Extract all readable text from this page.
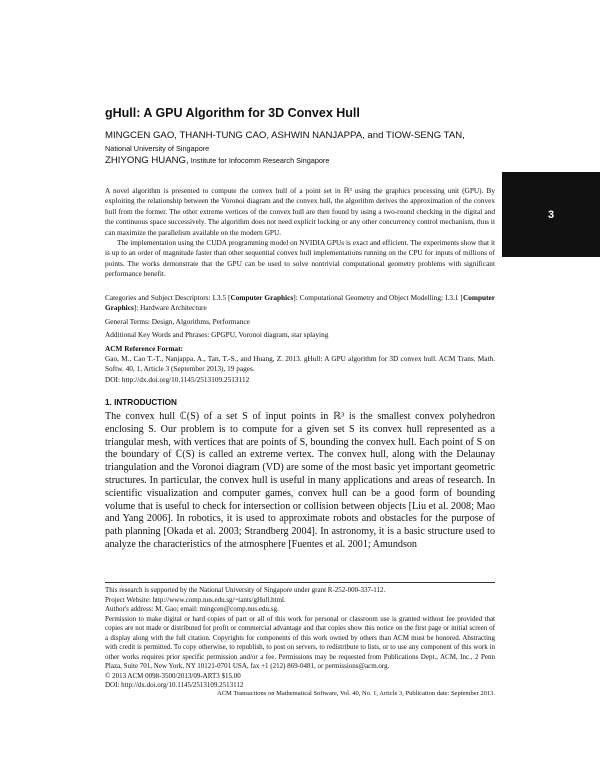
3
gHull: A GPU Algorithm for 3D Convex Hull
MINGCEN GAO, THANH-TUNG CAO, ASHWIN NANJAPPA, and TIOW-SENG TAN,
National University of Singapore
ZHIYONG HUANG, Institute for Infocomm Research Singapore

A novel algorithm is presented to compute the convex hull of a point set in ℝ³ using the graphics processing unit (GPU). By exploiting the relationship between the Voronoi diagram and the convex hull, the algorithm derives the approximation of the convex hull from the former. The other extreme vertices of the convex hull are then found by using a two-round checking in the digital and the continuous space successively. The algorithm does not need explicit locking or any other concurrency control mechanism, thus it can maximize the parallelism available on the modern GPU.

The implementation using the CUDA programming model on NVIDIA GPUs is exact and efficient. The experiments show that it is up to an order of magnitude faster than other sequential convex hull implementations running on the CPU for inputs of millions of points. The works demonstrate that the GPU can be used to solve nontrivial computational geometry problems with significant performance benefit.

Categories and Subject Descriptors: I.3.5 [Computer Graphics]: Computational Geometry and Object Modelling; I.3.1 [Computer Graphics]: Hardware Architecture

General Terms: Design, Algorithms, Performance

Additional Key Words and Phrases: GPGPU, Voronoi diagram, star splaying

ACM Reference Format:

Gao, M., Cao T.-T., Nanjappa, A., Tan, T.-S., and Huang, Z. 2013. gHull: A GPU algorithm for 3D convex hull. ACM Trans. Math. Softw. 40, 1, Article 3 (September 2013), 19 pages.

DOI: http://dx.doi.org/10.1145/2513109.2513112

1. INTRODUCTION

The convex hull ℂ(S) of a set S of input points in ℝ³ is the smallest convex polyhedron enclosing S. Our problem is to compute for a given set S its convex hull represented as a triangular mesh, with vertices that are points of S, bounding the convex hull. Each point of S on the boundary of ℂ(S) is called an extreme vertex. The convex hull, along with the Delaunay triangulation and the Voronoi diagram (VD) are some of the most basic yet important geometric structures. In particular, the convex hull is useful in many applications and areas of research. In scientific visualization and computer games, convex hull can be a good form of bounding volume that is useful to check for intersection or collision between objects [Liu et al. 2008; Mao and Yang 2006]. In robotics, it is used to approximate robots and obstacles for the purpose of path planning [Okada et al. 2003; Strandberg 2004]. In astronomy, it is a basic structure used to analyze the characteristics of the atmosphere [Fuentes et al. 2001; Amundson

This research is supported by the National University of Singapore under grant R-252-000-337-112.

Project Website: http://www.comp.nus.edu.sg/~tants/gHull.html.

Author's address: M. Gao; email: mingcen@comp.nus.edu.sg.

Permission to make digital or hard copies of part or all of this work for personal or classroom use is granted without fee provided that copies are not made or distributed for profit or commercial advantage and that copies show this notice on the first page or initial screen of a display along with the full citation. Copyrights for components of this work owned by others than ACM must be honored. Abstracting with credit is permitted. To copy otherwise, to republish, to post on servers, to redistribute to lists, or to use any component of this work in other works requires prior specific permission and/or a fee. Permissions may be requested from Publications Dept., ACM, Inc., 2 Penn Plaza, Suite 701, New York, NY 10121-0701 USA, fax +1 (212) 869-0481, or permissions@acm.org.

© 2013 ACM 0098-3500/2013/09-ART3 $15.00

DOI: http://dx.doi.org/10.1145/2513109.2513112

ACM Transactions on Mathematical Software, Vol. 40, No. 1, Article 3, Publication date: September 2013.
